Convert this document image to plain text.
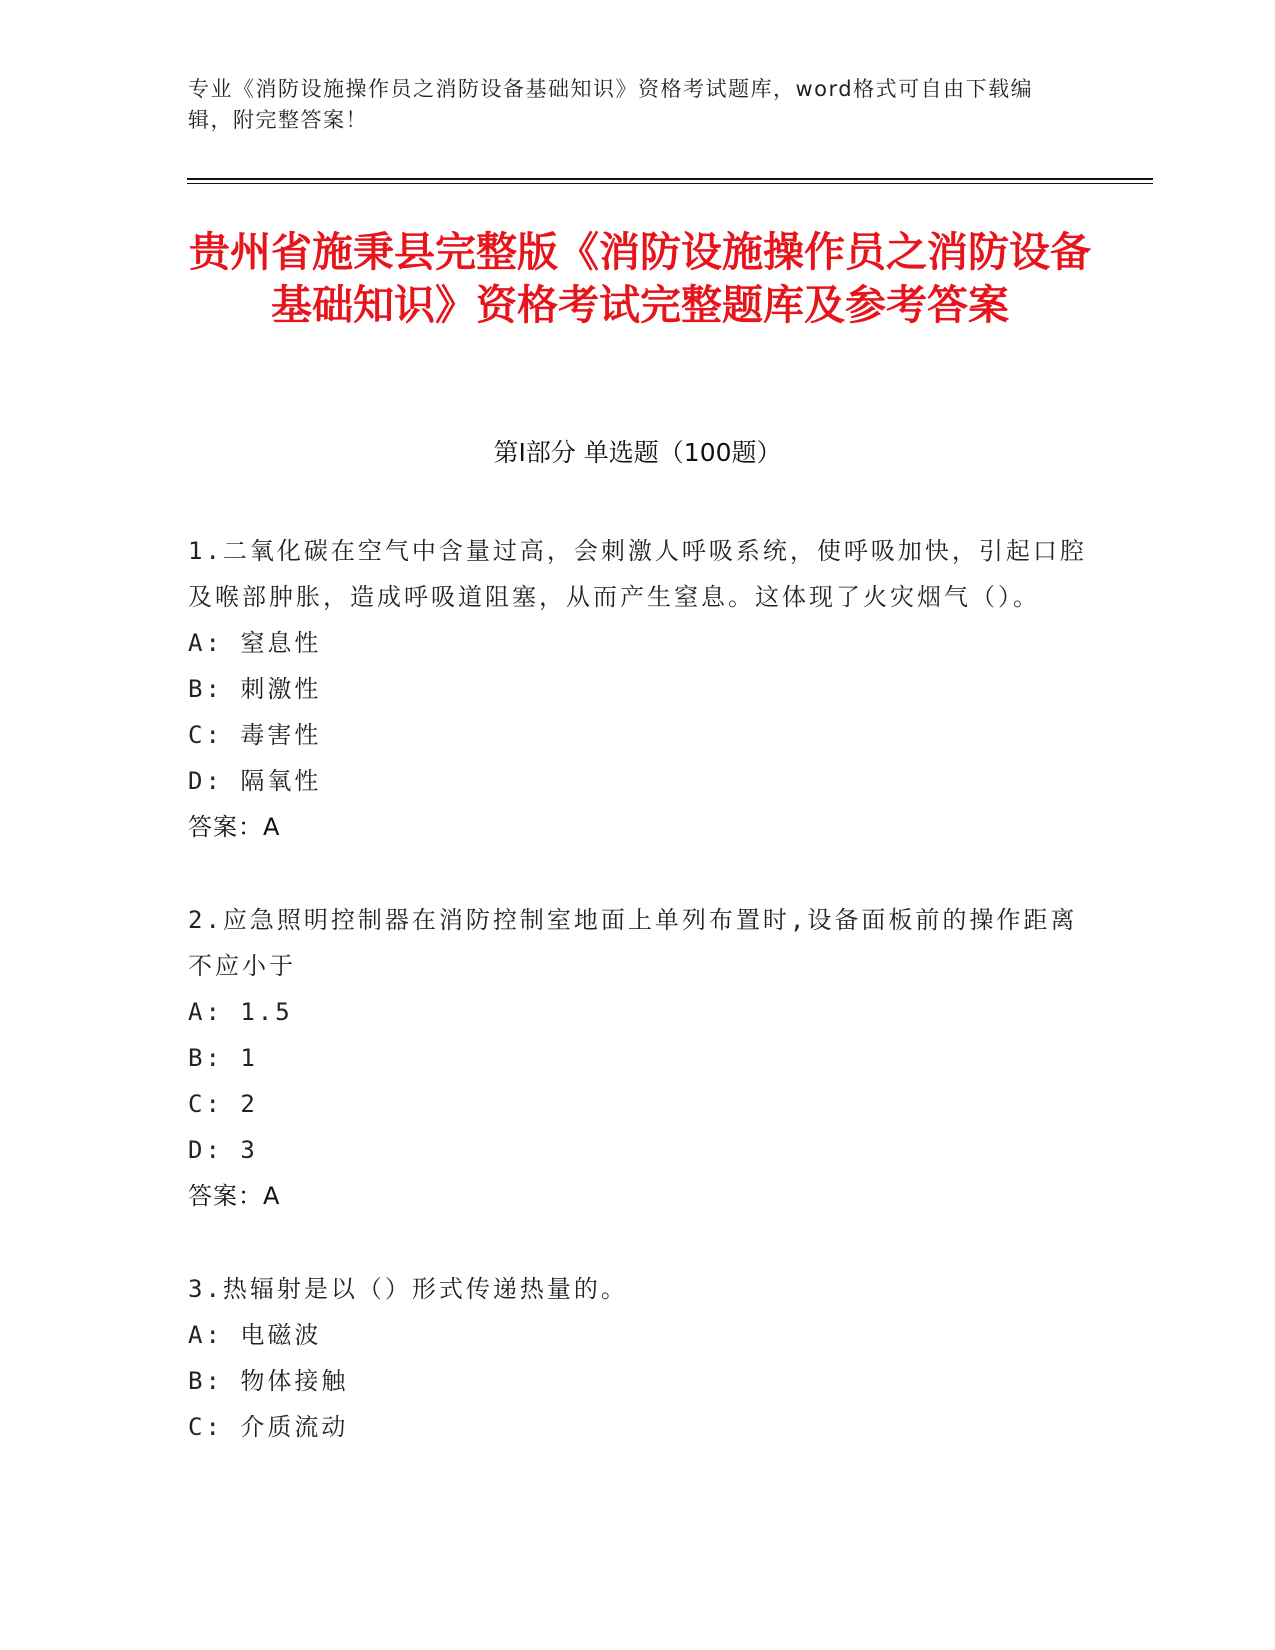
专业《消防设施操作员之消防设备基础知识》资格考试题库，word格式可自由下载编辑，附完整答案！
贵州省施秉县完整版《消防设施操作员之消防设备基础知识》资格考试完整题库及参考答案
第I部分 单选题（100题）
1.二氧化碳在空气中含量过高，会刺激人呼吸系统，使呼吸加快，引起口腔及喉部肿胀，造成呼吸道阻塞，从而产生窒息。这体现了火灾烟气（）。
A: 窒息性
B: 刺激性
C: 毒害性
D: 隔氧性
答案：A
2.应急照明控制器在消防控制室地面上单列布置时,设备面板前的操作距离不应小于
A: 1.5
B: 1
C: 2
D: 3
答案：A
3.热辐射是以（）形式传递热量的。
A: 电磁波
B: 物体接触
C: 介质流动
